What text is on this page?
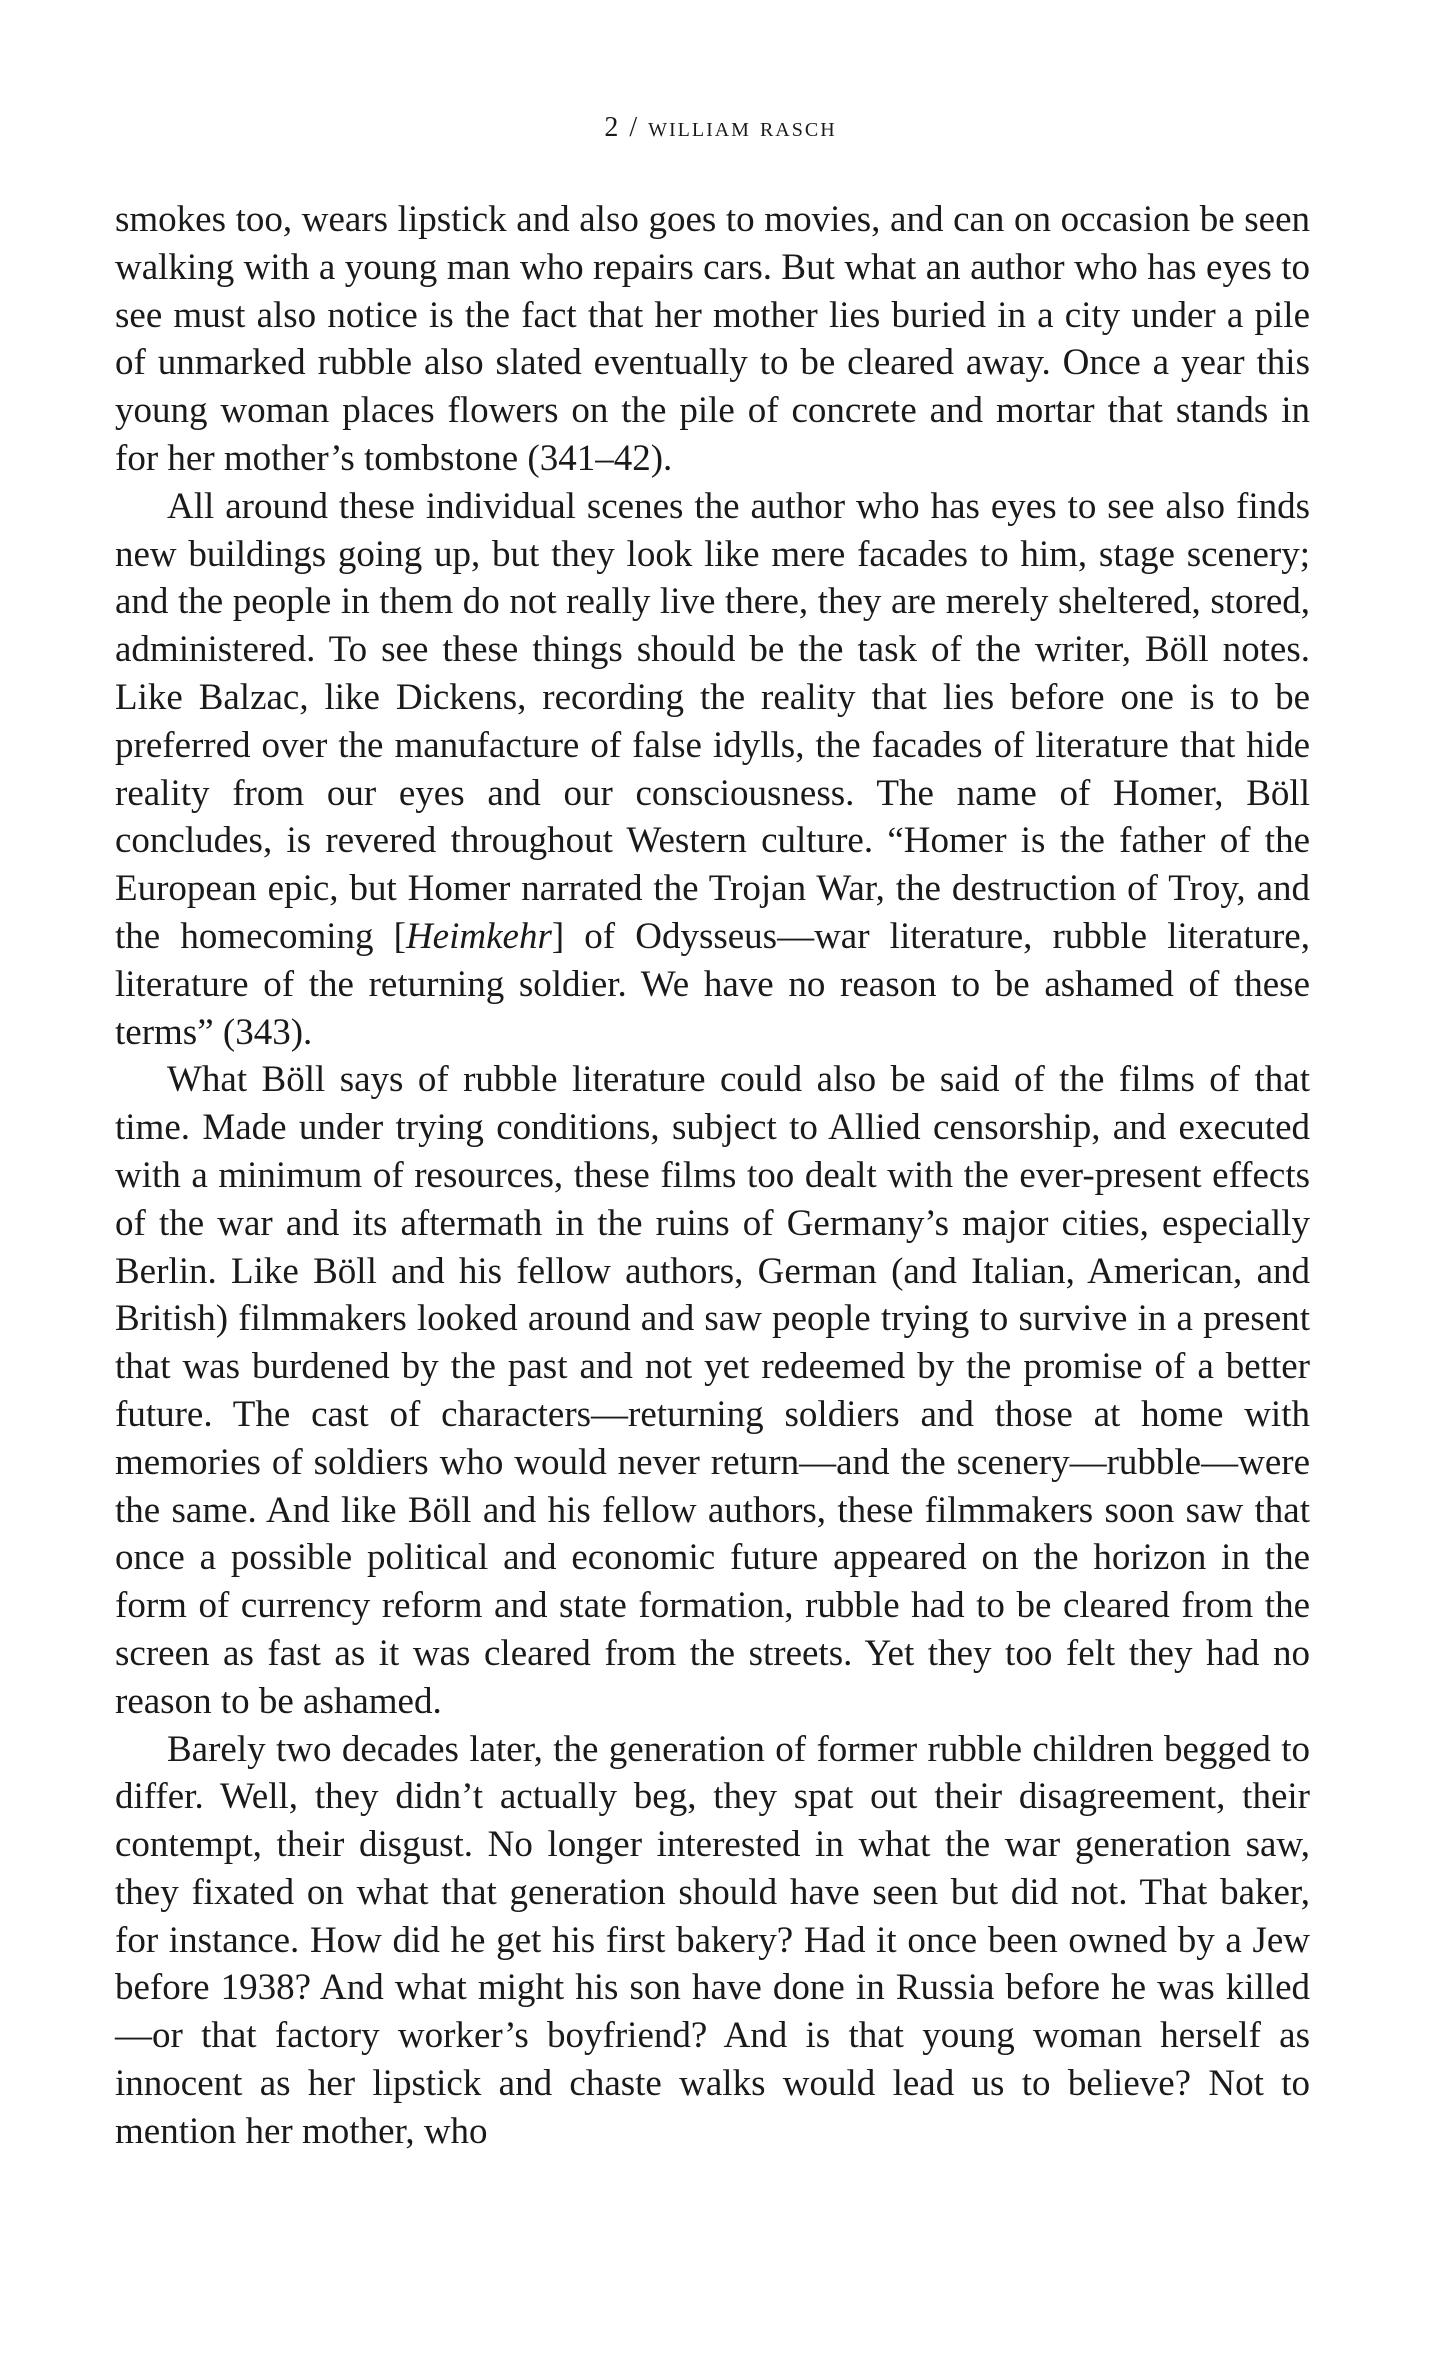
2 / william rasch

smokes too, wears lipstick and also goes to movies, and can on occasion be seen walking with a young man who repairs cars. But what an author who has eyes to see must also notice is the fact that her mother lies buried in a city under a pile of unmarked rubble also slated eventually to be cleared away. Once a year this young woman places flowers on the pile of concrete and mortar that stands in for her mother’s tombstone (341–42).

All around these individual scenes the author who has eyes to see also finds new buildings going up, but they look like mere facades to him, stage scenery; and the people in them do not really live there, they are merely sheltered, stored, administered. To see these things should be the task of the writer, Böll notes. Like Balzac, like Dickens, recording the reality that lies before one is to be preferred over the manufacture of false idylls, the facades of literature that hide reality from our eyes and our consciousness. The name of Homer, Böll concludes, is revered throughout Western culture. “Homer is the father of the European epic, but Homer narrated the Trojan War, the destruction of Troy, and the homecoming [Heimkehr] of Odysseus—war literature, rubble literature, literature of the returning soldier. We have no reason to be ashamed of these terms” (343).

What Böll says of rubble literature could also be said of the films of that time. Made under trying conditions, subject to Allied censorship, and executed with a minimum of resources, these films too dealt with the ever-present effects of the war and its aftermath in the ruins of Germany’s major cities, especially Berlin. Like Böll and his fellow authors, German (and Italian, American, and British) filmmakers looked around and saw people trying to survive in a present that was burdened by the past and not yet redeemed by the promise of a better future. The cast of characters—returning soldiers and those at home with memories of soldiers who would never return—and the scenery—rubble—were the same. And like Böll and his fellow authors, these filmmakers soon saw that once a possible political and economic future appeared on the horizon in the form of currency reform and state formation, rubble had to be cleared from the screen as fast as it was cleared from the streets. Yet they too felt they had no reason to be ashamed.

Barely two decades later, the generation of former rubble children begged to differ. Well, they didn’t actually beg, they spat out their disagreement, their contempt, their disgust. No longer interested in what the war generation saw, they fixated on what that generation should have seen but did not. That baker, for instance. How did he get his first bakery? Had it once been owned by a Jew before 1938? And what might his son have done in Russia before he was killed—or that factory worker’s boyfriend? And is that young woman herself as innocent as her lipstick and chaste walks would lead us to believe? Not to mention her mother, who
